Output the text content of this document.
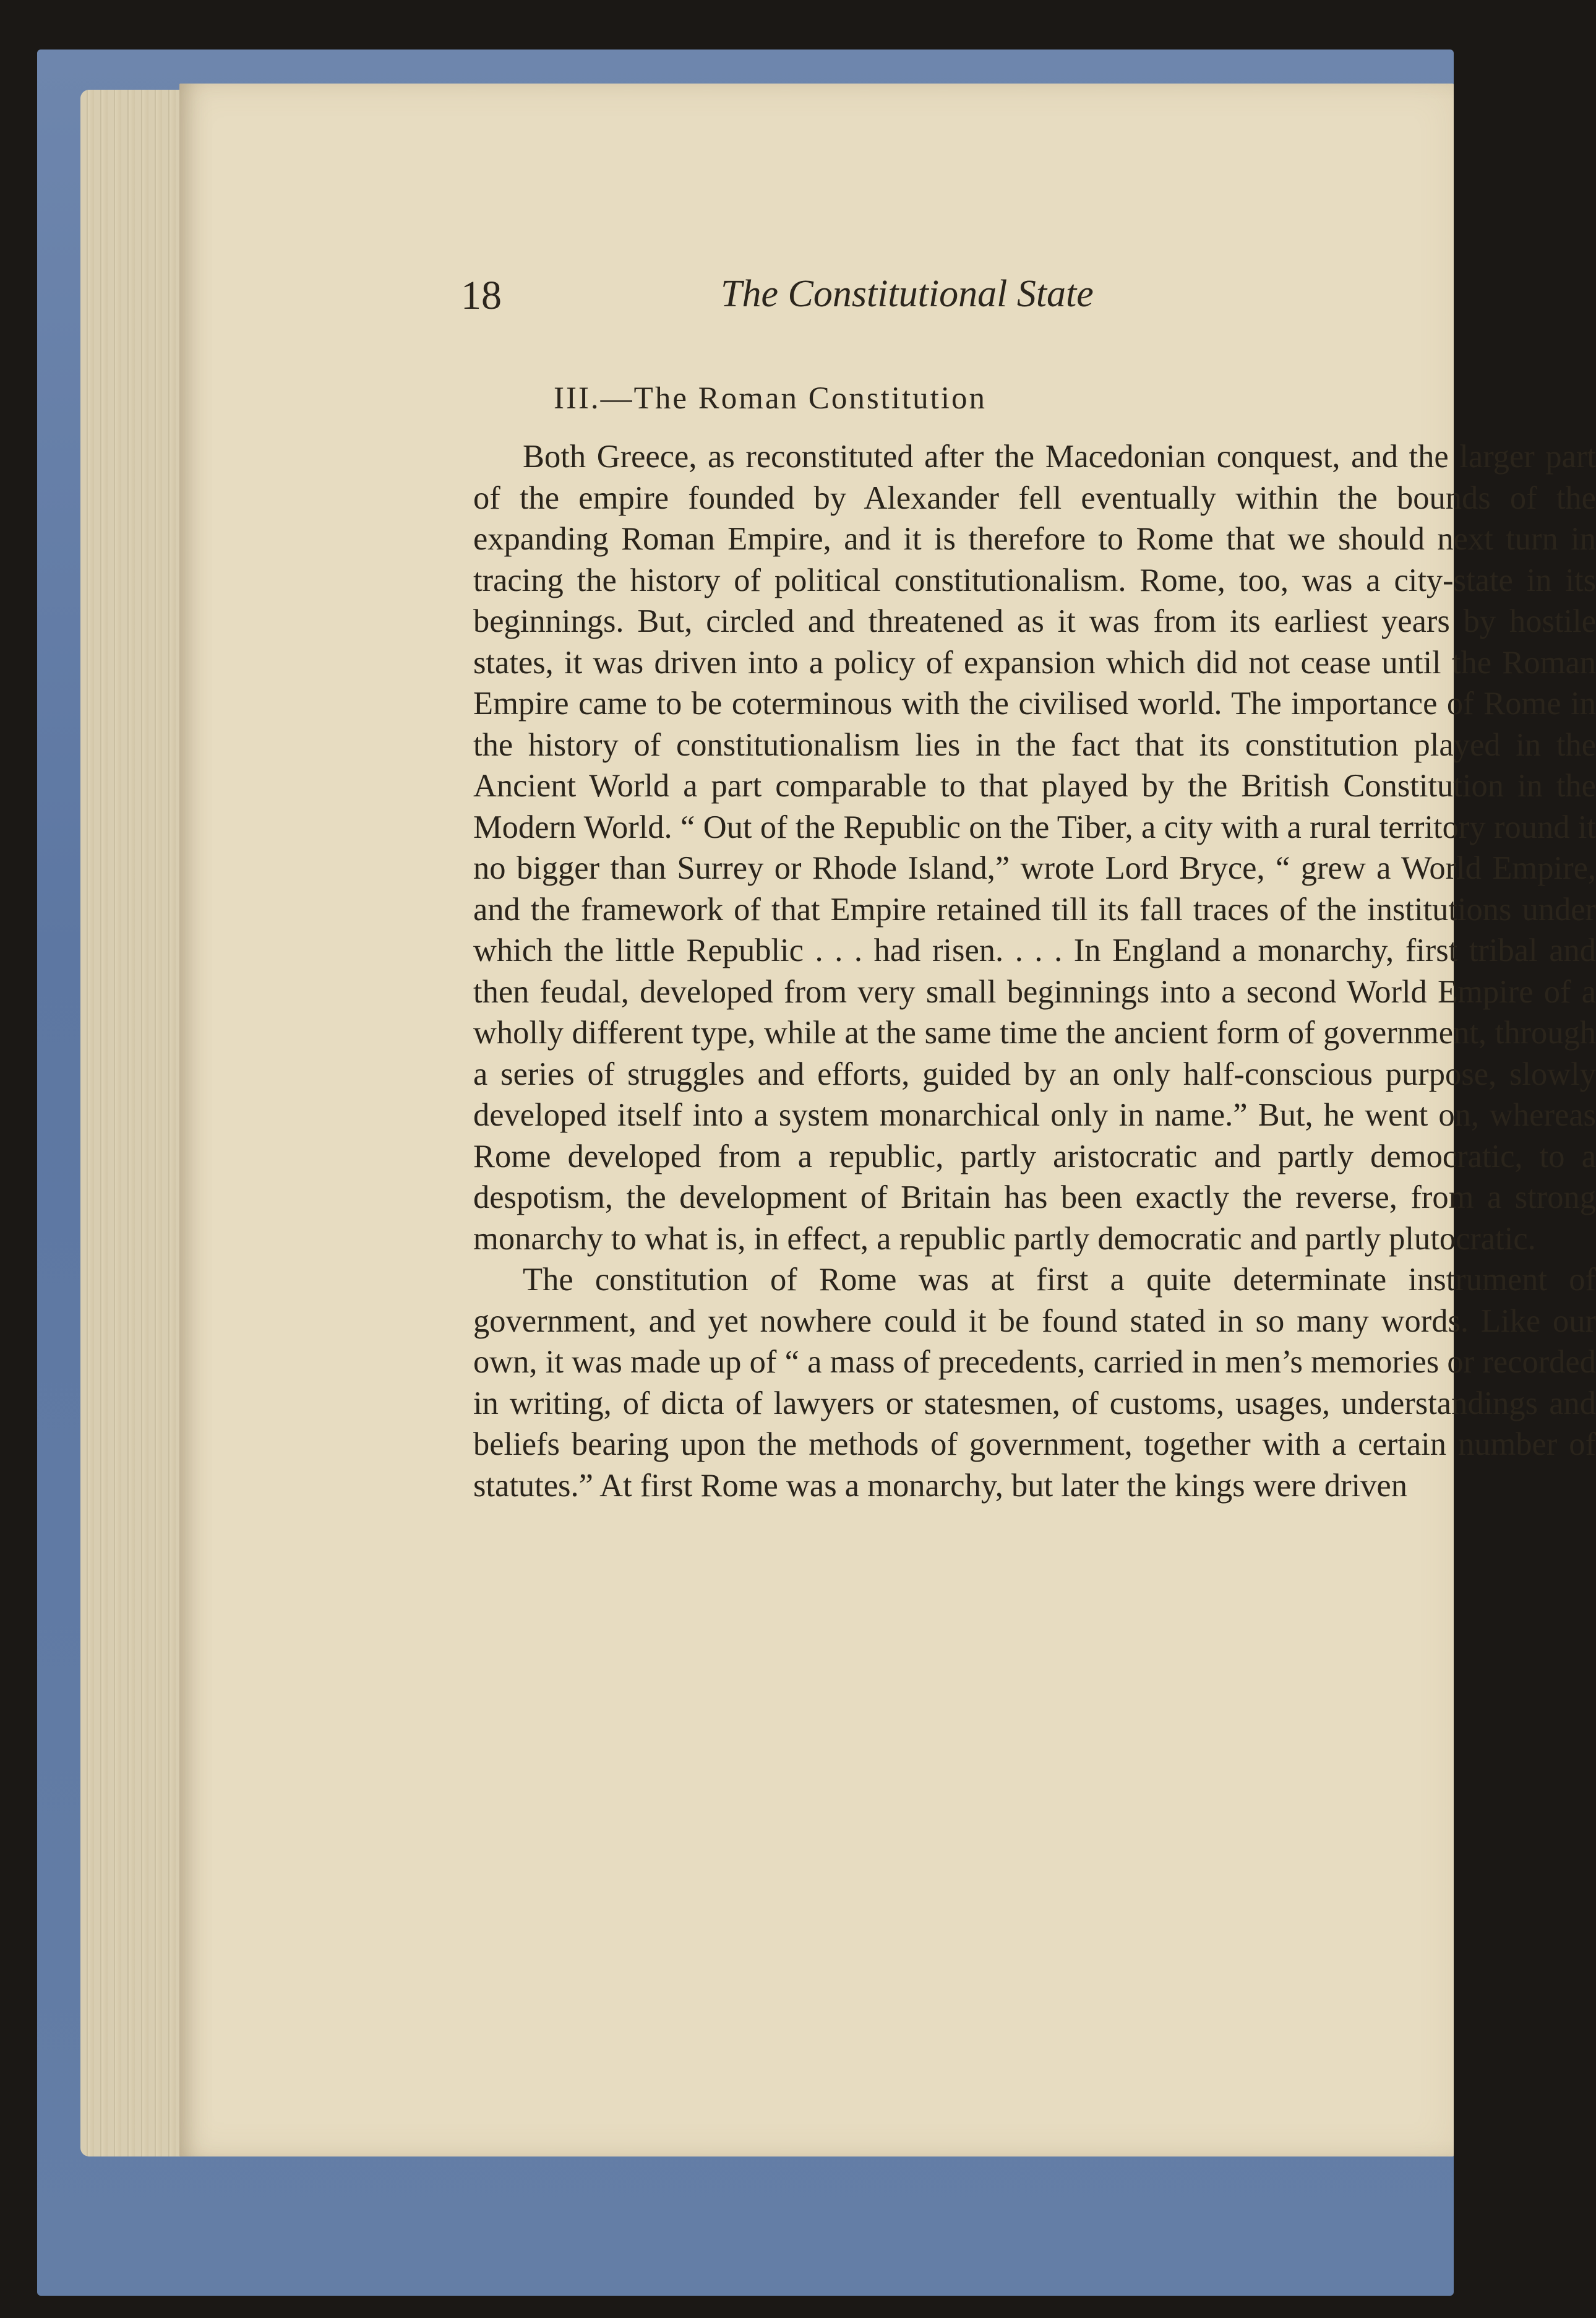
18	The Constitutional State
III.—The Roman Constitution

Both Greece, as reconstituted after the Macedonian conquest, and the larger part of the empire founded by Alexander fell eventually within the bounds of the expanding Roman Empire, and it is therefore to Rome that we should next turn in tracing the history of political constitutionalism. Rome, too, was a city-state in its beginnings. But, circled and threatened as it was from its earliest years by hostile states, it was driven into a policy of expansion which did not cease until the Roman Empire came to be coterminous with the civilised world. The importance of Rome in the history of constitutionalism lies in the fact that its constitution played in the Ancient World a part comparable to that played by the British Constitution in the Modern World. “ Out of the Republic on the Tiber, a city with a rural territory round it no bigger than Surrey or Rhode Island,” wrote Lord Bryce, “ grew a World Empire, and the framework of that Empire retained till its fall traces of the institutions under which the little Republic . . . had risen. . . . In England a monarchy, first tribal and then feudal, developed from very small beginnings into a second World Empire of a wholly different type, while at the same time the ancient form of government, through a series of struggles and efforts, guided by an only half-conscious purpose, slowly developed itself into a system monarchical only in name.” But, he went on, whereas Rome developed from a republic, partly aristocratic and partly democratic, to a despotism, the development of Britain has been exactly the reverse, from a strong monarchy to what is, in effect, a republic partly democratic and partly plutocratic.

The constitution of Rome was at first a quite determinate instrument of government, and yet nowhere could it be found stated in so many words. Like our own, it was made up of “ a mass of precedents, carried in men’s memories or recorded in writing, of dicta of lawyers or statesmen, of customs, usages, understandings and beliefs bearing upon the methods of government, together with a certain number of statutes.” At first Rome was a monarchy, but later the kings were driven
